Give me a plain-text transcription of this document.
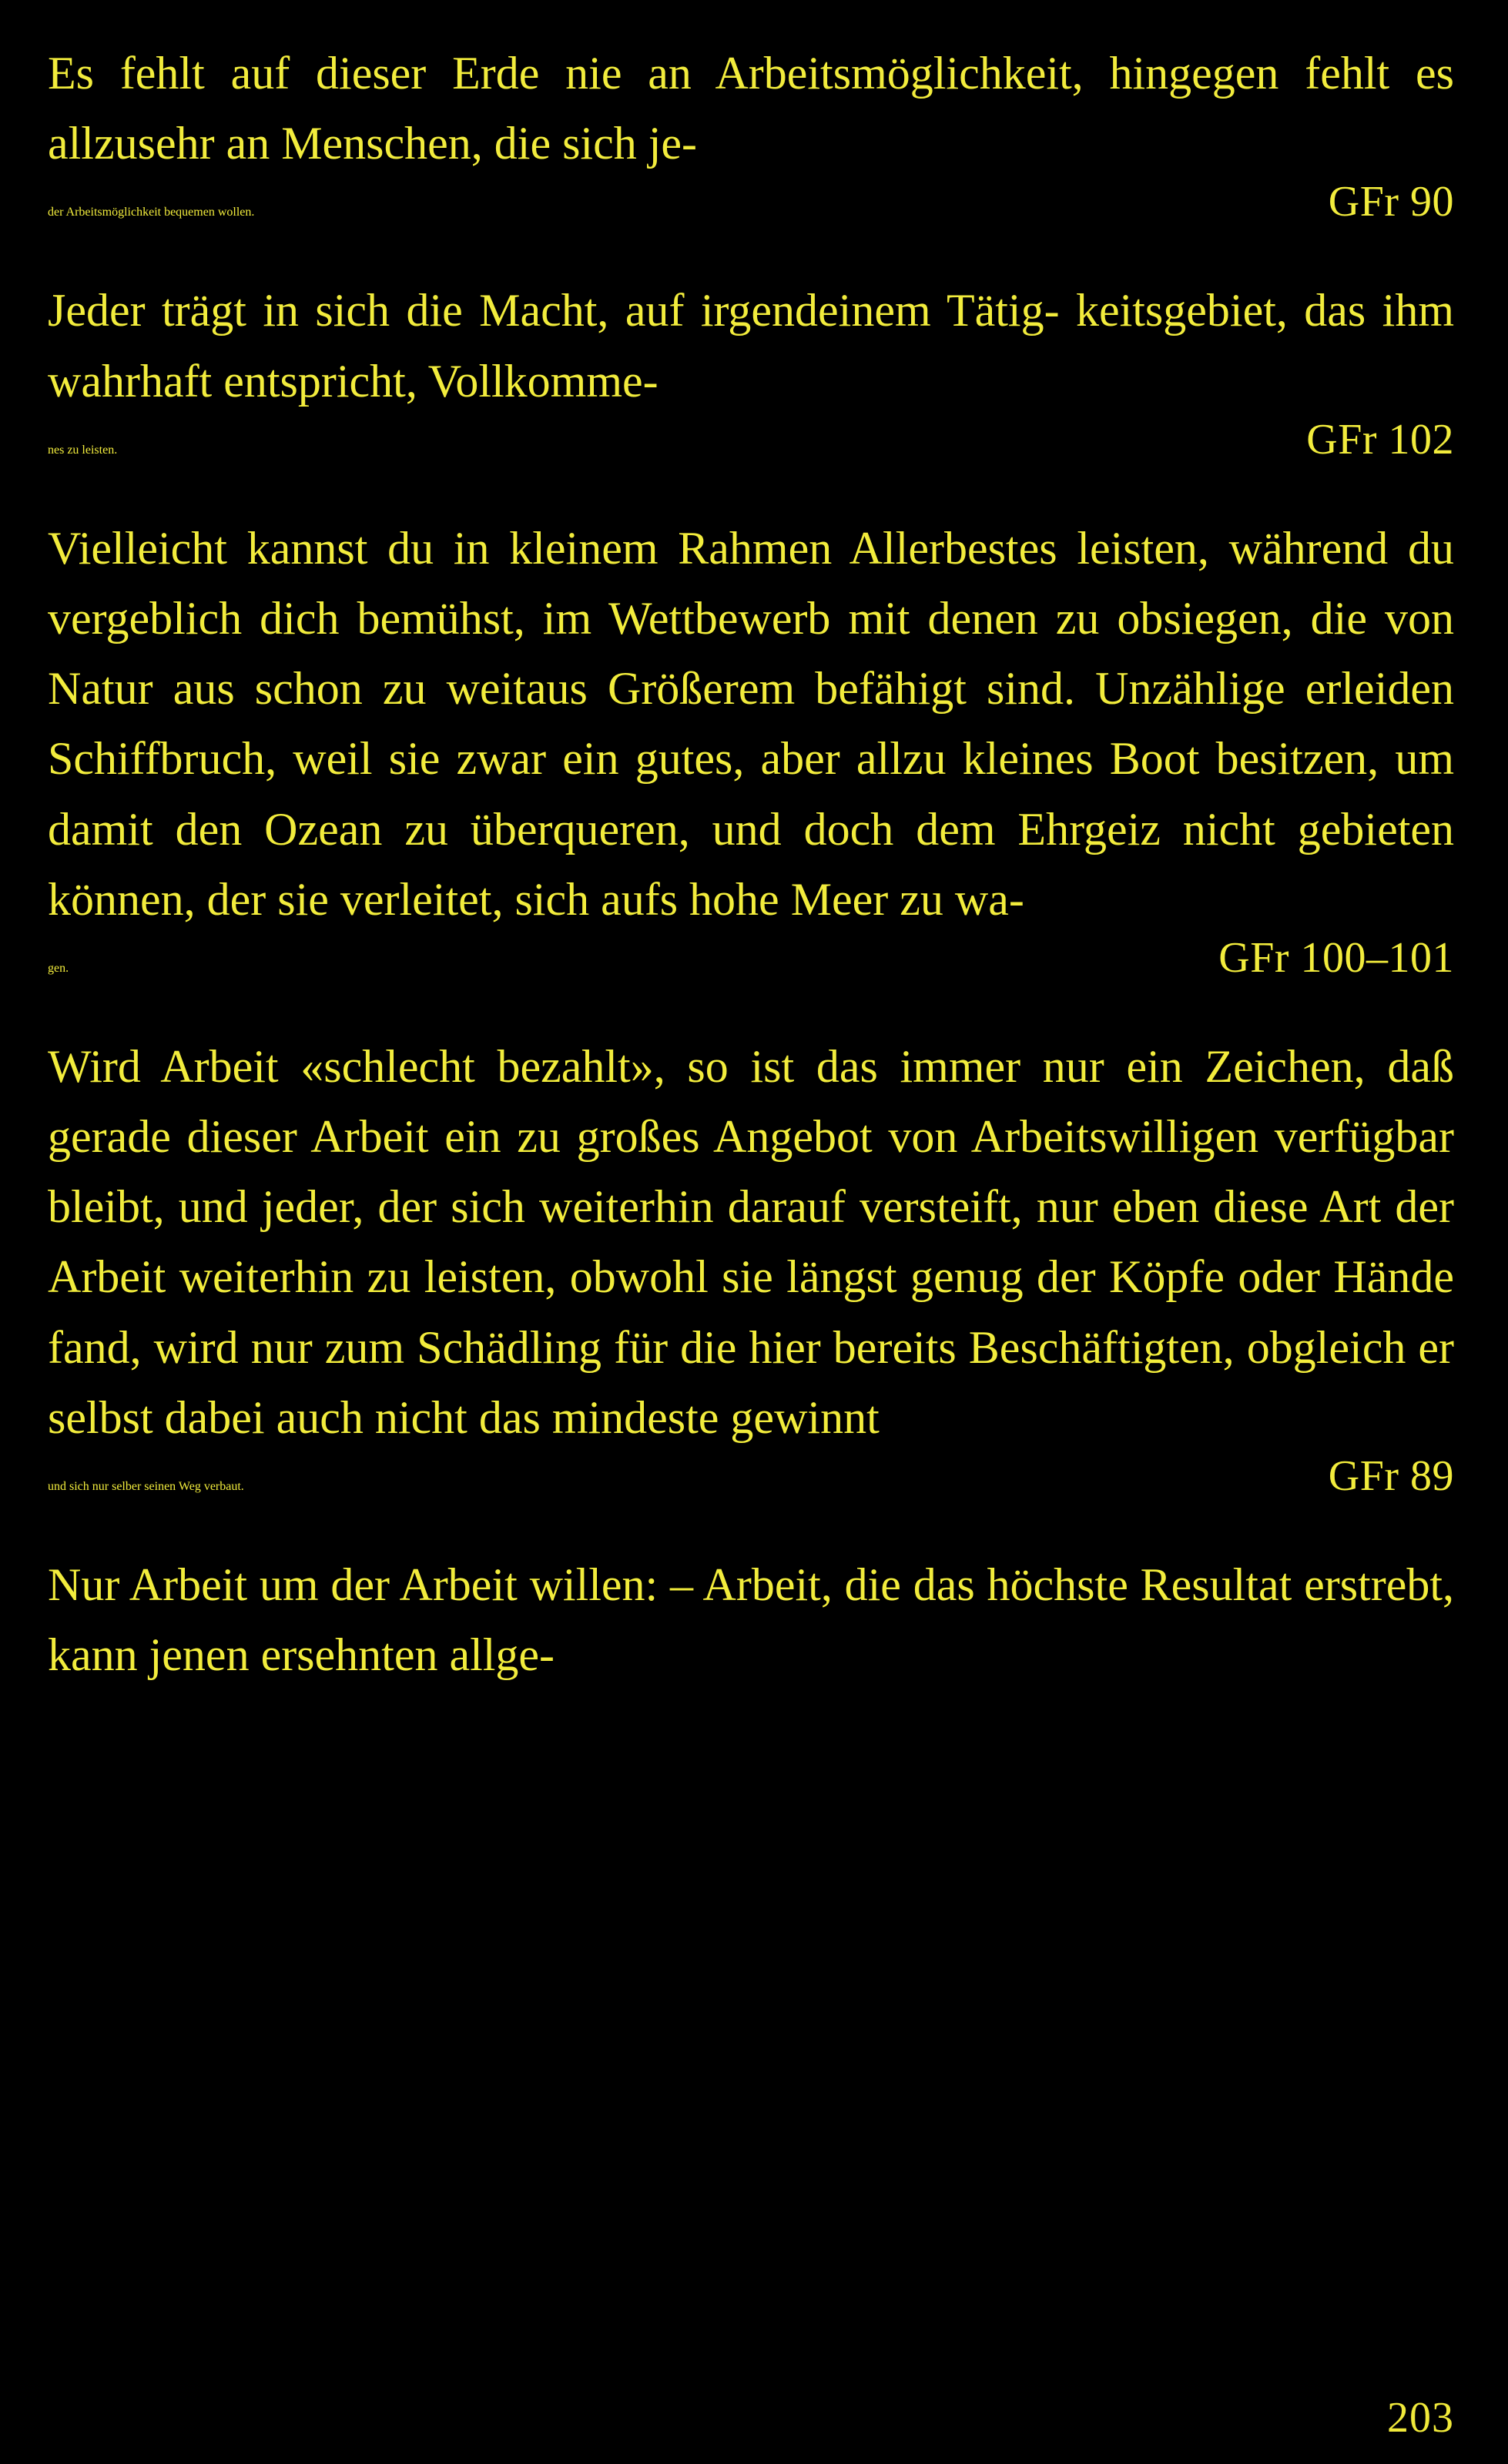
Es fehlt auf dieser Erde nie an Arbeitsmöglichkeit, hingegen fehlt es allzusehr an Menschen, die sich je-

der Arbeitsmöglichkeit bequemen wollen.	GFr 90

Jeder trägt in sich die Macht, auf irgendeinem Tätig- keitsgebiet, das ihm wahrhaft entspricht, Vollkomme-

nes zu leisten.	GFr 102

Vielleicht kannst du in kleinem Rahmen Allerbestes leisten, während du vergeblich dich bemühst, im Wettbewerb mit denen zu obsiegen, die von Natur aus schon zu weitaus Größerem befähigt sind. Unzählige erleiden Schiffbruch, weil sie zwar ein gutes, aber allzu kleines Boot besitzen, um damit den Ozean zu überqueren, und doch dem Ehrgeiz nicht gebieten können, der sie verleitet, sich aufs hohe Meer zu wa-

gen.	GFr 100–101

Wird Arbeit «schlecht bezahlt», so ist das immer nur ein Zeichen, daß gerade dieser Arbeit ein zu großes Angebot von Arbeitswilligen verfügbar bleibt, und jeder, der sich weiterhin darauf versteift, nur eben diese Art der Arbeit weiterhin zu leisten, obwohl sie längst genug der Köpfe oder Hände fand, wird nur zum Schädling für die hier bereits Beschäftigten, obgleich er selbst dabei auch nicht das mindeste gewinnt

und sich nur selber seinen Weg verbaut.	GFr 89

Nur Arbeit um der Arbeit willen: – Arbeit, die das höchste Resultat erstrebt, kann jenen ersehnten allge-

203
